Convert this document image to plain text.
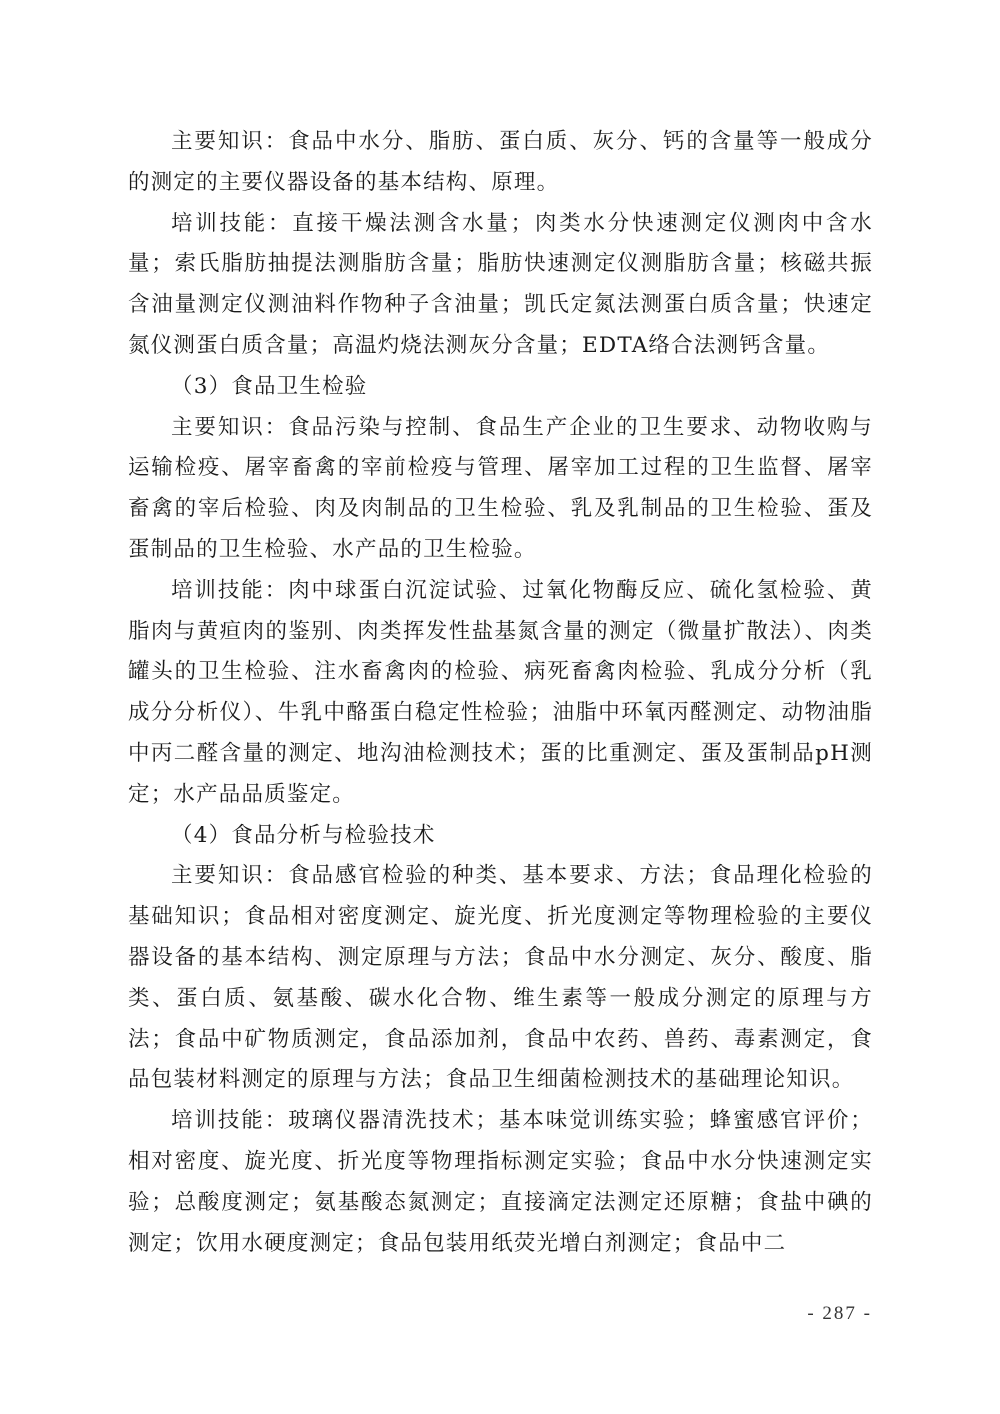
主要知识：食品中水分、脂肪、蛋白质、灰分、钙的含量等一般成分的测定的主要仪器设备的基本结构、原理。

培训技能：直接干燥法测含水量；肉类水分快速测定仪测肉中含水量；索氏脂肪抽提法测脂肪含量；脂肪快速测定仪测脂肪含量；核磁共振含油量测定仪测油料作物种子含油量；凯氏定氮法测蛋白质含量；快速定氮仪测蛋白质含量；高温灼烧法测灰分含量；EDTA络合法测钙含量。

（3）食品卫生检验

主要知识：食品污染与控制、食品生产企业的卫生要求、动物收购与运输检疫、屠宰畜禽的宰前检疫与管理、屠宰加工过程的卫生监督、屠宰畜禽的宰后检验、肉及肉制品的卫生检验、乳及乳制品的卫生检验、蛋及蛋制品的卫生检验、水产品的卫生检验。

培训技能：肉中球蛋白沉淀试验、过氧化物酶反应、硫化氢检验、黄脂肉与黄疸肉的鉴别、肉类挥发性盐基氮含量的测定（微量扩散法）、肉类罐头的卫生检验、注水畜禽肉的检验、病死畜禽肉检验、乳成分分析（乳成分分析仪）、牛乳中酪蛋白稳定性检验；油脂中环氧丙醛测定、动物油脂中丙二醛含量的测定、地沟油检测技术；蛋的比重测定、蛋及蛋制品pH测定；水产品品质鉴定。

（4）食品分析与检验技术

主要知识：食品感官检验的种类、基本要求、方法；食品理化检验的基础知识；食品相对密度测定、旋光度、折光度测定等物理检验的主要仪器设备的基本结构、测定原理与方法；食品中水分测定、灰分、酸度、脂类、蛋白质、氨基酸、碳水化合物、维生素等一般成分测定的原理与方法；食品中矿物质测定，食品添加剂，食品中农药、兽药、毒素测定，食品包装材料测定的原理与方法；食品卫生细菌检测技术的基础理论知识。

培训技能：玻璃仪器清洗技术；基本味觉训练实验；蜂蜜感官评价；相对密度、旋光度、折光度等物理指标测定实验；食品中水分快速测定实验；总酸度测定；氨基酸态氮测定；直接滴定法测定还原糖；食盐中碘的测定；饮用水硬度测定；食品包装用纸荧光增白剂测定；食品中二

- 287 -
